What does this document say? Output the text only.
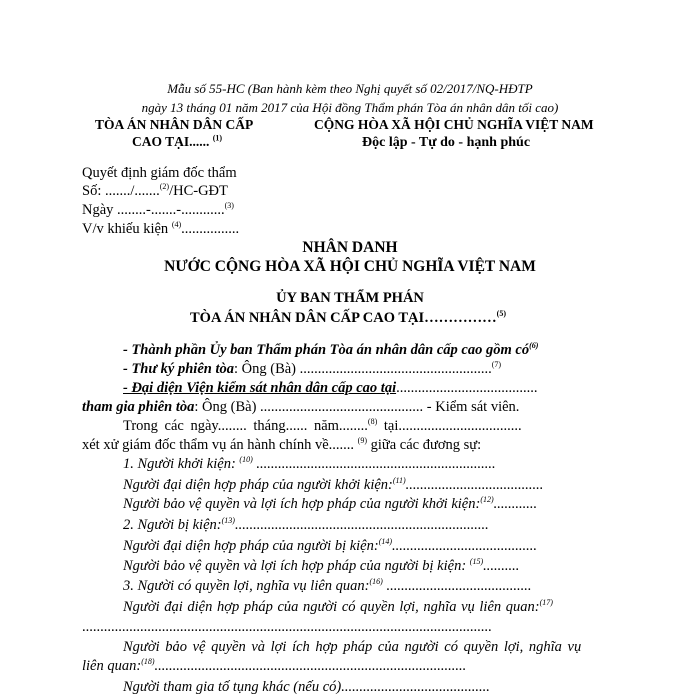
Mẫu số 55-HC (Ban hành kèm theo Nghị quyết số 02/2017/NQ-HĐTP
ngày 13 tháng 01 năm 2017 của Hội đồng Thẩm phán Tòa án nhân dân tối cao)
TÒA ÁN NHÂN DÂN CẤP
CAO TẠI...... $^{(1)}$
CỘNG HÒA XÃ HỘI CHỦ NGHĨA VIỆT NAM
Độc lập - Tự do - hạnh phúc
Quyết định giám đốc thẩm
Số: ......./.......$^{(2)}$/HC-GĐT
Ngày ........-.......-............$^{(3)}$
V/v khiếu kiện $^{(4)}$................
NHÂN DANH
NƯỚC CỘNG HÒA XÃ HỘI CHỦ NGHĨA VIỆT NAM
ỦY BAN THẨM PHÁN
TÒA ÁN NHÂN DÂN CẤP CAO TẠI……………$^{(5)}$
- Thành phần Ủy ban Thẩm phán Tòa án nhân dân cấp cao gồm $có^{(6)}$
- Thư ký phiên tòa: Ông (Bà) .....................................................$^{(7)}$
- Đại diện Viện kiểm sát nhân dân cấp cao tại.......................................
tham gia phiên tòa: Ông (Bà) ............................................. - Kiểm sát viên.
Trong các ngày........ tháng...... năm........$^{(8)}$ tại..................................
xét xử giám đốc thẩm vụ án hành chính về....... $^{(9)}$ giữa các đương sự:
1. Người khởi kiện: $^{(10)}$ ..................................................................
Người đại diện hợp pháp của người khởi kiện:$^{(11)}$......................................
Người bảo vệ quyền và lợi ích hợp pháp của người khởi kiện:$^{(12)}$............
2. Người bị kiện:$^{(13)}$......................................................................
Người đại diện hợp pháp của người bị kiện:$^{(14)}$........................................
Người bảo vệ quyền và lợi ích hợp pháp của người bị kiện: $^{(15)}$..........
3. Người có quyền lợi, nghĩa vụ liên quan:$^{(16)}$ ........................................
Người đại diện hợp pháp của người có quyền lợi, nghĩa vụ liên quan:$^{(17)}$
.................................................................................................................
Người bảo vệ quyền và lợi ích hợp pháp của người có quyền lợi, nghĩa vụ
liên quan:$^{(18)}$......................................................................................
Người tham gia tố tụng khác (nếu có).........................................
